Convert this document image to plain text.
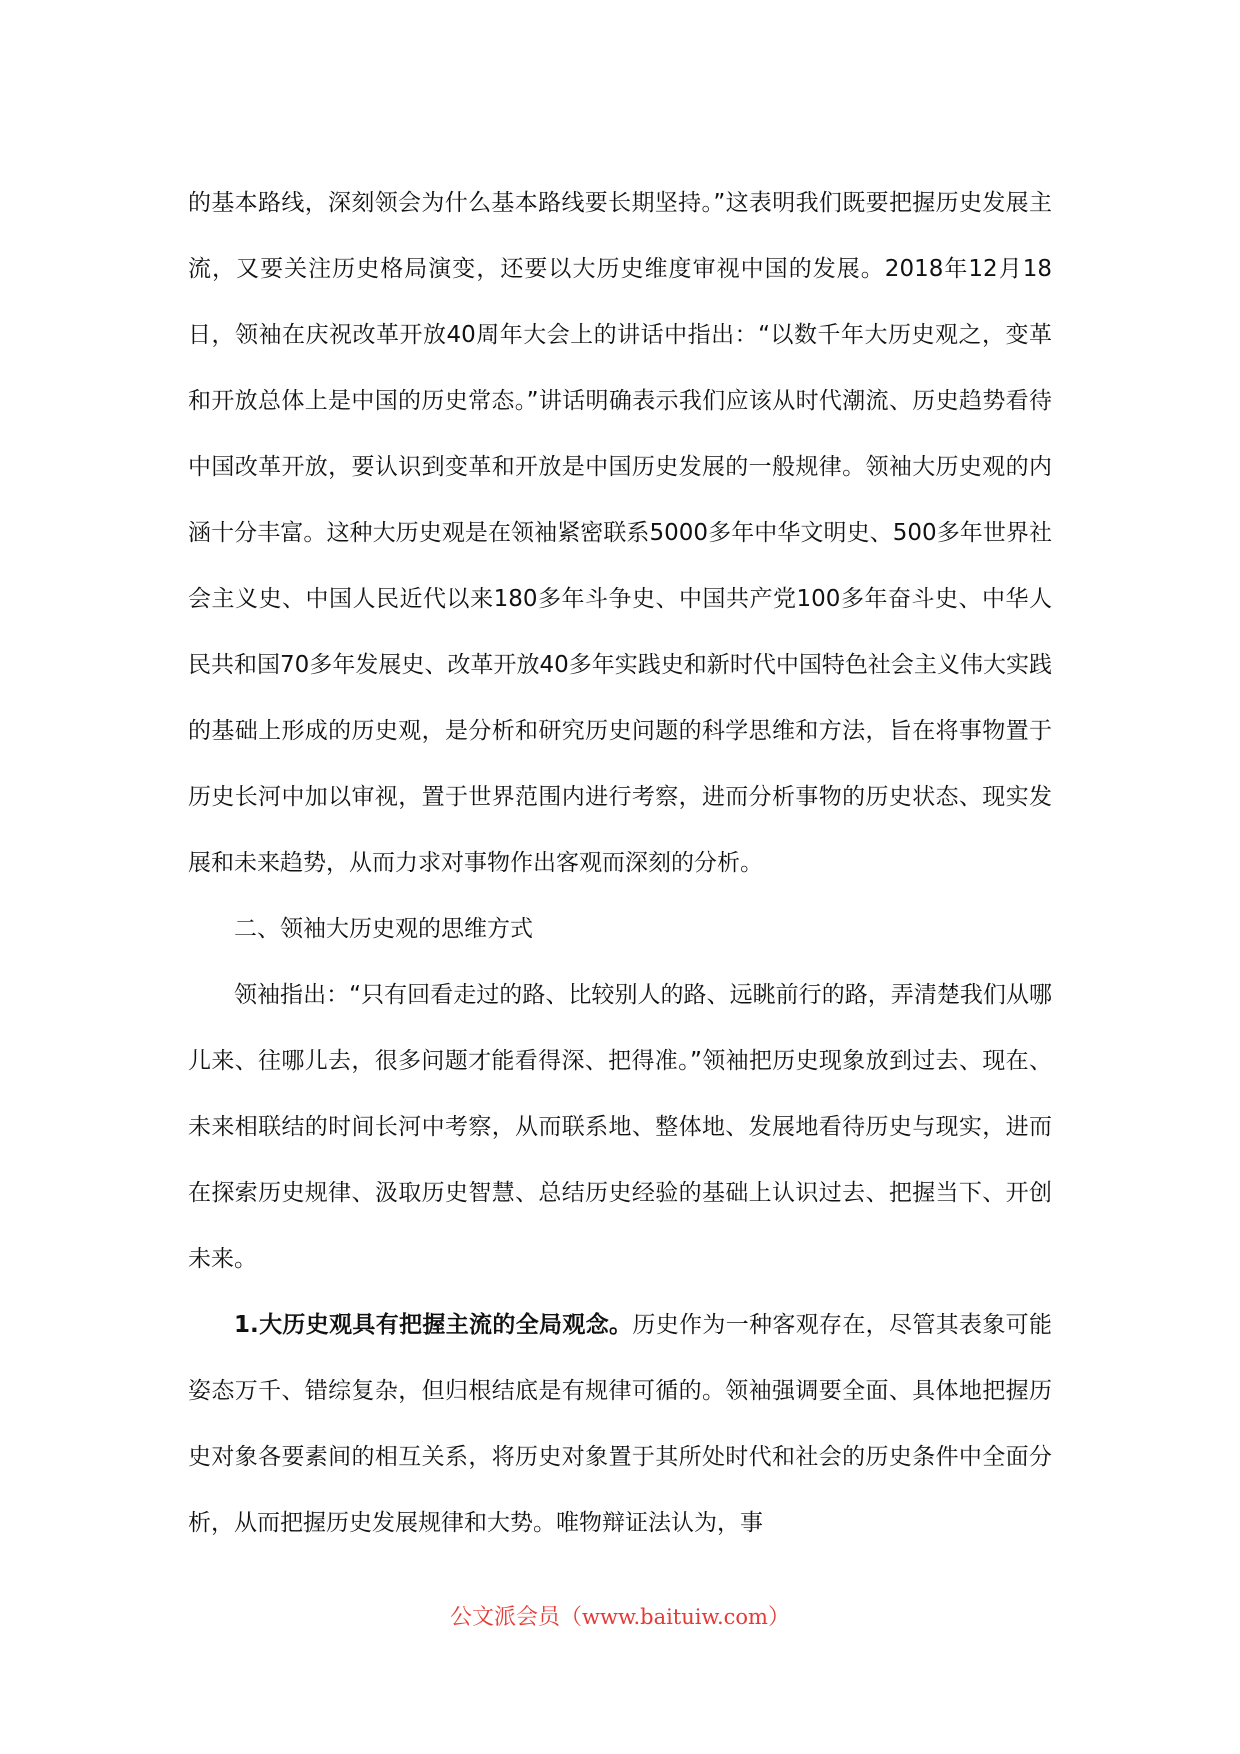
的基本路线，深刻领会为什么基本路线要长期坚持。”这表明我们既要把握历史发展主流，又要关注历史格局演变，还要以大历史维度审视中国的发展。2018年12月18日，领袖在庆祝改革开放40周年大会上的讲话中指出：“以数千年大历史观之，变革和开放总体上是中国的历史常态。”讲话明确表示我们应该从时代潮流、历史趋势看待中国改革开放，要认识到变革和开放是中国历史发展的一般规律。领袖大历史观的内涵十分丰富。这种大历史观是在领袖紧密联系5000多年中华文明史、500多年世界社会主义史、中国人民近代以来180多年斗争史、中国共产党100多年奋斗史、中华人民共和国70多年发展史、改革开放40多年实践史和新时代中国特色社会主义伟大实践的基础上形成的历史观，是分析和研究历史问题的科学思维和方法，旨在将事物置于历史长河中加以审视，置于世界范围内进行考察，进而分析事物的历史状态、现实发展和未来趋势，从而力求对事物作出客观而深刻的分析。

二、领袖大历史观的思维方式

领袖指出：“只有回看走过的路、比较别人的路、远眺前行的路，弄清楚我们从哪儿来、往哪儿去，很多问题才能看得深、把得准。”领袖把历史现象放到过去、现在、未来相联结的时间长河中考察，从而联系地、整体地、发展地看待历史与现实，进而在探索历史规律、汲取历史智慧、总结历史经验的基础上认识过去、把握当下、开创未来。

1.大历史观具有把握主流的全局观念。历史作为一种客观存在，尽管其表象可能姿态万千、错综复杂，但归根结底是有规律可循的。领袖强调要全面、具体地把握历史对象各要素间的相互关系，将历史对象置于其所处时代和社会的历史条件中全面分析，从而把握历史发展规律和大势。唯物辩证法认为，事

公文派会员（www.baituiw.com）
